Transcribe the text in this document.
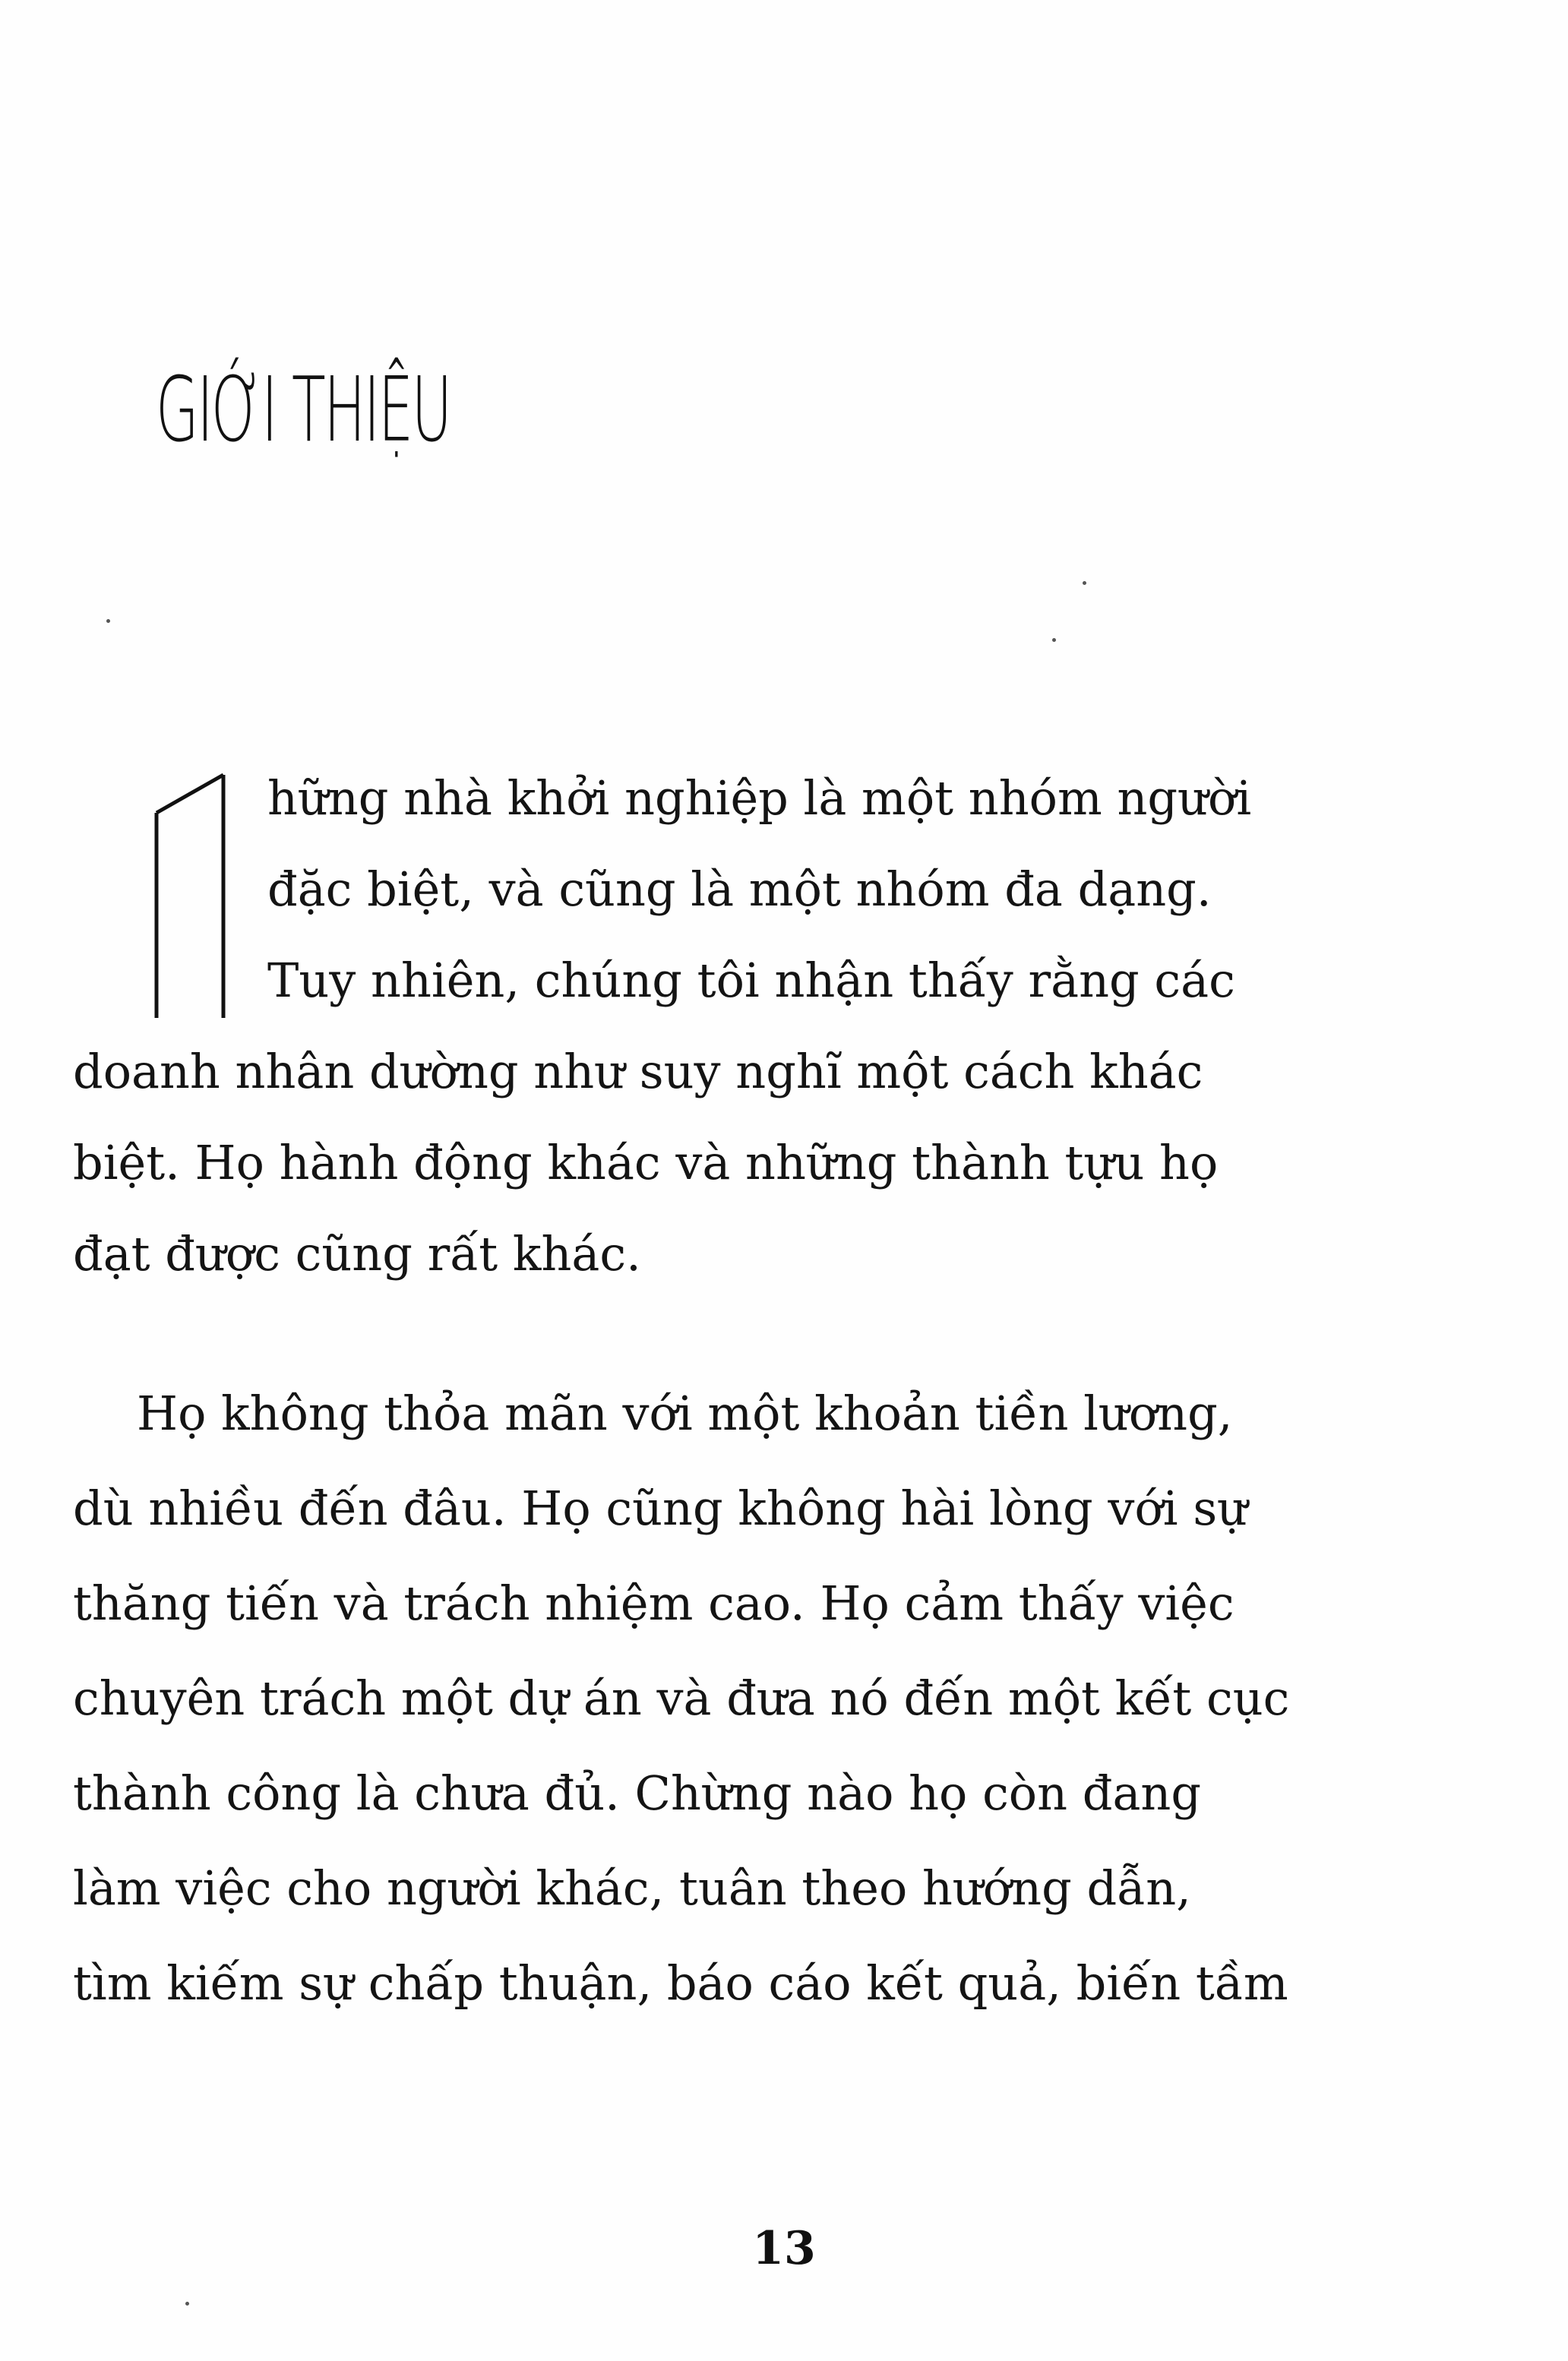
GIỚI THIỆU
hững nhà khởi nghiệp là một nhóm người
đặc biệt, và cũng là một nhóm đa dạng.
Tuy nhiên, chúng tôi nhận thấy rằng các
doanh nhân dường như suy nghĩ một cách khác
biệt. Họ hành động khác và những thành tựu họ
đạt được cũng rất khác.
Họ không thỏa mãn với một khoản tiền lương,
dù nhiều đến đâu. Họ cũng không hài lòng với sự
thăng tiến và trách nhiệm cao. Họ cảm thấy việc
chuyên trách một dự án và đưa nó đến một kết cục
thành công là chưa đủ. Chừng nào họ còn đang
làm việc cho người khác, tuân theo hướng dẫn,
tìm kiếm sự chấp thuận, báo cáo kết quả, biến tầm
13
